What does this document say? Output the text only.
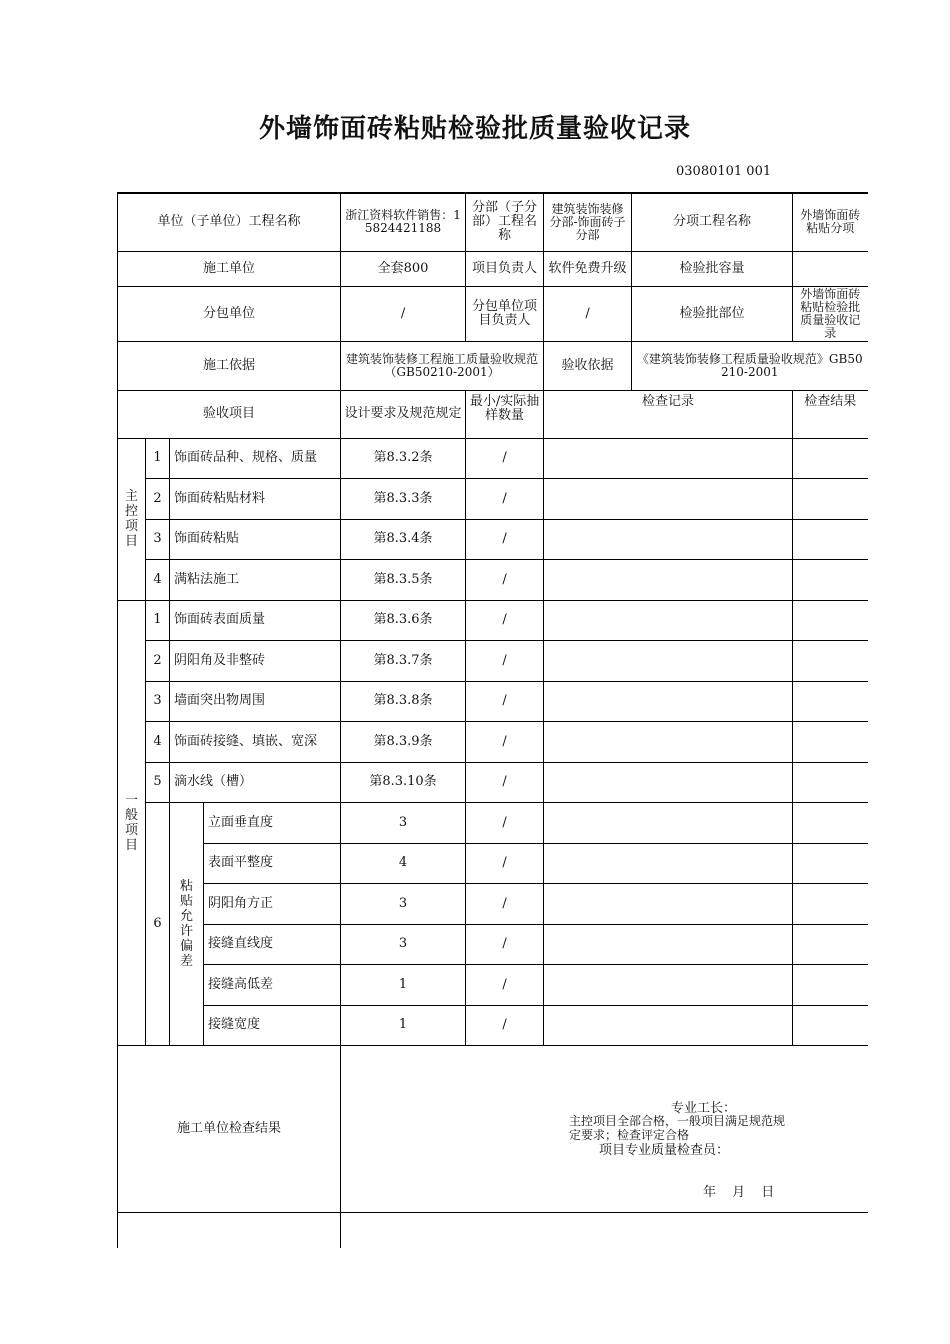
外墙饰面砖粘贴检验批质量验收记录
03080101 001
单位（子单位）工程名称				浙江资料软件销售：15824421188	分部（子分部）工程名称	建筑装饰装修分部-饰面砖子分部	分项工程名称	外墙饰面砖粘贴分项
施工单位				全套800	项目负责人	软件免费升级	检验批容量	
分包单位				/	分包单位项目负责人	/	检验批部位	外墙饰面砖粘贴检验批质量验收记录
施工依据				建筑装饰装修工程施工质量验收规范（GB50210-2001）		验收依据	《建筑装饰装修工程质量验收规范》GB50210-2001	
验收项目				设计要求及规范规定	最小/实际抽样数量	检查记录		检查结果
主控项目	1	饰面砖品种、规格、质量		第8.3.2条	/			
	2	饰面砖粘贴材料		第8.3.3条	/			
	3	饰面砖粘贴		第8.3.4条	/			
	4	满粘法施工		第8.3.5条	/			
一般项目	1	饰面砖表面质量		第8.3.6条	/			
	2	阴阳角及非整砖		第8.3.7条	/			
	3	墙面突出物周围		第8.3.8条	/			
	4	饰面砖接缝、填嵌、宽深		第8.3.9条	/			
	5	滴水线（槽）		第8.3.10条	/			
	6	粘贴允许偏差	立面垂直度	3	/			
			表面平整度	4	/			
			阴阳角方正	3	/			
			接缝直线度	3	/			
			接缝高低差	1	/			
			接缝宽度	1	/			
施工单位检查结果				主控项目全部合格，一般项目满足规范规定要求；检查评定合格
专业工长：
项目专业质量检查员：
年 月 日				
